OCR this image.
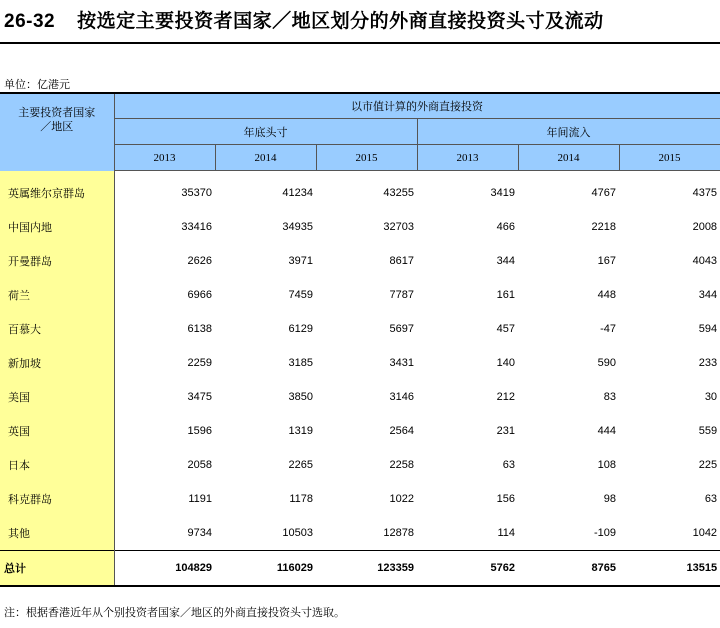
26-32 按选定主要投资者国家／地区划分的外商直接投资头寸及流动
单位：亿港元
主要投资者国家／地区	以市值计算的外商直接投资					
	年底头寸			年间流入		
	2013	2014	2015	2013	2014	2015
英属维尔京群岛	35370	41234	43255	3419	4767	4375
中国内地	33416	34935	32703	466	2218	2008
开曼群岛	2626	3971	8617	344	167	4043
荷兰	6966	7459	7787	161	448	344
百慕大	6138	6129	5697	457	-47	594
新加坡	2259	3185	3431	140	590	233
美国	3475	3850	3146	212	83	30
英国	1596	1319	2564	231	444	559
日本	2058	2265	2258	63	108	225
科克群岛	1191	1178	1022	156	98	63
其他	9734	10503	12878	114	-109	1042
总计	104829	116029	123359	5762	8765	13515
注：根据香港近年从个别投资者国家／地区的外商直接投资头寸选取。
